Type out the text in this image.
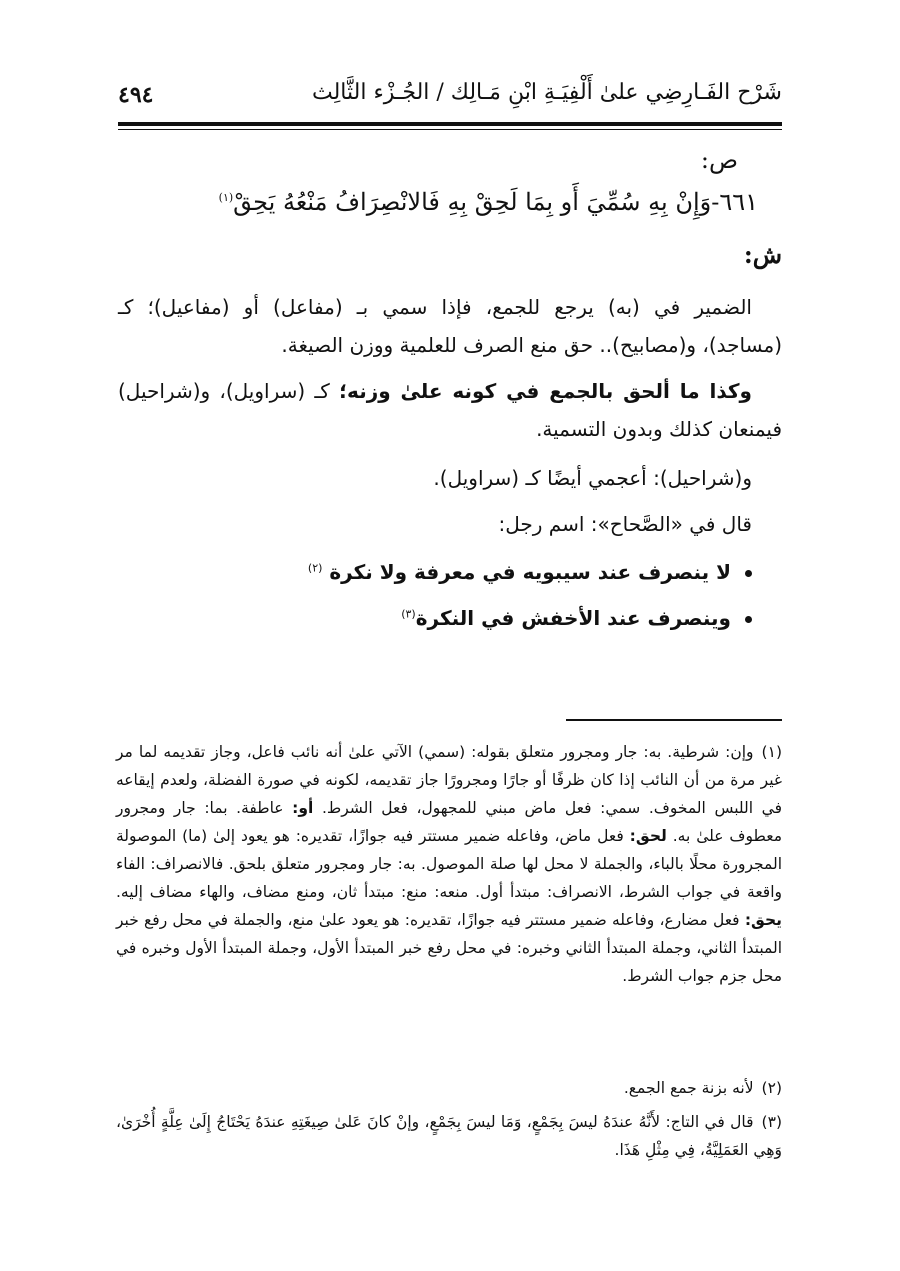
شَرْح الفَـارِضِي علىٰ أَلْفِيَـةِ ابْنِ مَـالِك / الجُـزْء الثَّالِث
٤٩٤
ص:
٦٦١-وَإِنْ بِهِ سُمِّيَ أَو بِمَا لَحِقْ بِهِ فَالانْصِرَافُ مَنْعُهُ يَحِقْ$^{(١)}$
ش:
الضمير في (به) يرجع للجمع، فإذا سمي بـ (مفاعل) أو (مفاعيل)؛ كـ (مساجد)، و(مصابيح).. حق منع الصرف للعلمية ووزن الصيغة.
وكذا ما ألحق بالجمع في كونه علىٰ وزنه؛ كـ (سراويل)، و(شراحيل) فيمنعان كذلك وبدون التسمية.
و(شراحيل): أعجمي أيضًا كـ (سراويل).
قال في «الصَّحاح»: اسم رجل:
لا ينصرف عند سيبويه في معرفة ولا نكرة $^{(٢)}$
وينصرف عند الأخفش في النكرة$^{(٣)}$
(١)وإن: شرطية. به: جار ومجرور متعلق بقوله: (سمي) الآتي علىٰ أنه نائب فاعل، وجاز تقديمه لما مر غير مرة من أن النائب إذا كان ظرفًا أو جارًا ومجرورًا جاز تقديمه، لكونه في صورة الفضلة، ولعدم إيقاعه في اللبس المخوف. سمي: فعل ماض مبني للمجهول، فعل الشرط. أو: عاطفة. بما: جار ومجرور معطوف علىٰ به. لحق: فعل ماض، وفاعله ضمير مستتر فيه جوازًا، تقديره: هو يعود إلىٰ (ما) الموصولة المجرورة محلًا بالباء، والجملة لا محل لها صلة الموصول. به: جار ومجرور متعلق بلحق. فالانصراف: الفاء واقعة في جواب الشرط، الانصراف: مبتدأ أول. منعه: منع: مبتدأ ثان، ومنع مضاف، والهاء مضاف إليه. يحق: فعل مضارع، وفاعله ضمير مستتر فيه جوازًا، تقديره: هو يعود علىٰ منع، والجملة في محل رفع خبر المبتدأ الثاني، وجملة المبتدأ الثاني وخبره: في محل رفع خبر المبتدأ الأول، وجملة المبتدأ الأول وخبره في محل جزم جواب الشرط.
(٢)لأنه بزنة جمع الجمع.
(٣)قال في التاج: لأَنَّهُ عندَهُ ليسَ بِجَمْعٍ، وَمَا ليسَ بِجَمْعٍ، وإنْ كانَ عَلىٰ صِيغَتِهِ عندَهُ يَحْتَاجُ إِلَىٰ عِلَّةٍ أُخْرَىٰ، وَهِي العَمَلِيَّةُ، فِي مِثْلِ هَذَا.
